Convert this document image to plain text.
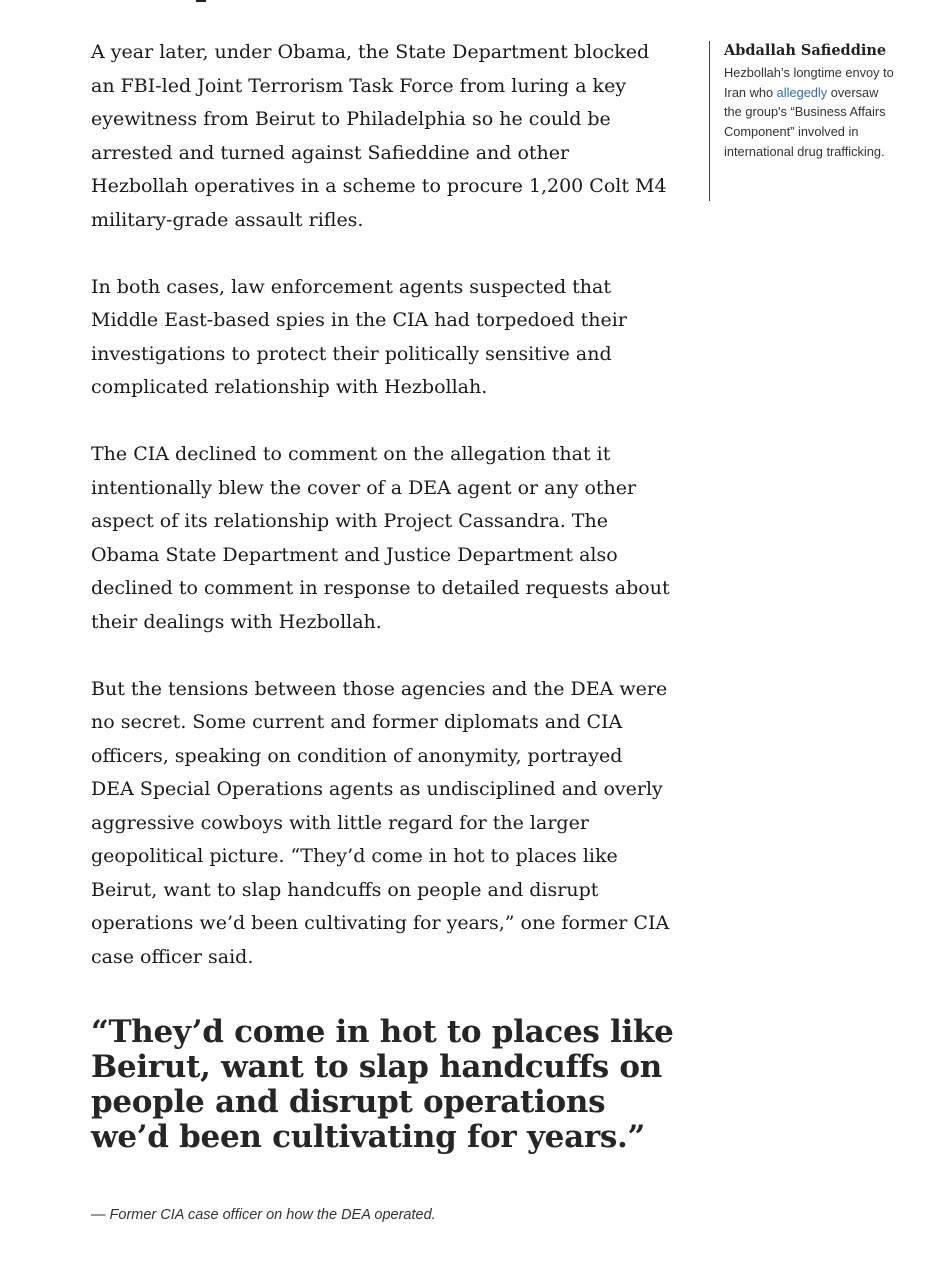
A year later, under Obama, the State Department blocked an FBI-led Joint Terrorism Task Force from luring a key eyewitness from Beirut to Philadelphia so he could be arrested and turned against Safieddine and other Hezbollah operatives in a scheme to procure 1,200 Colt M4 military-grade assault rifles.

In both cases, law enforcement agents suspected that Middle East-based spies in the CIA had torpedoed their investigations to protect their politically sensitive and complicated relationship with Hezbollah.

The CIA declined to comment on the allegation that it intentionally blew the cover of a DEA agent or any other aspect of its relationship with Project Cassandra. The Obama State Department and Justice Department also declined to comment in response to detailed requests about their dealings with Hezbollah.

But the tensions between those agencies and the DEA were no secret. Some current and former diplomats and CIA officers, speaking on condition of anonymity, portrayed DEA Special Operations agents as undisciplined and overly aggressive cowboys with little regard for the larger geopolitical picture. “They’d come in hot to places like Beirut, want to slap handcuffs on people and disrupt operations we’d been cultivating for years,” one former CIA case officer said.

Abdallah Safieddine
Hezbollah’s longtime envoy to Iran who allegedly oversaw the group's “Business Affairs Component” involved in international drug trafficking.
“They’d come in hot to places like Beirut, want to slap handcuffs on people and disrupt operations we’d been cultivating for years.”

— Former CIA case officer on how the DEA operated.
